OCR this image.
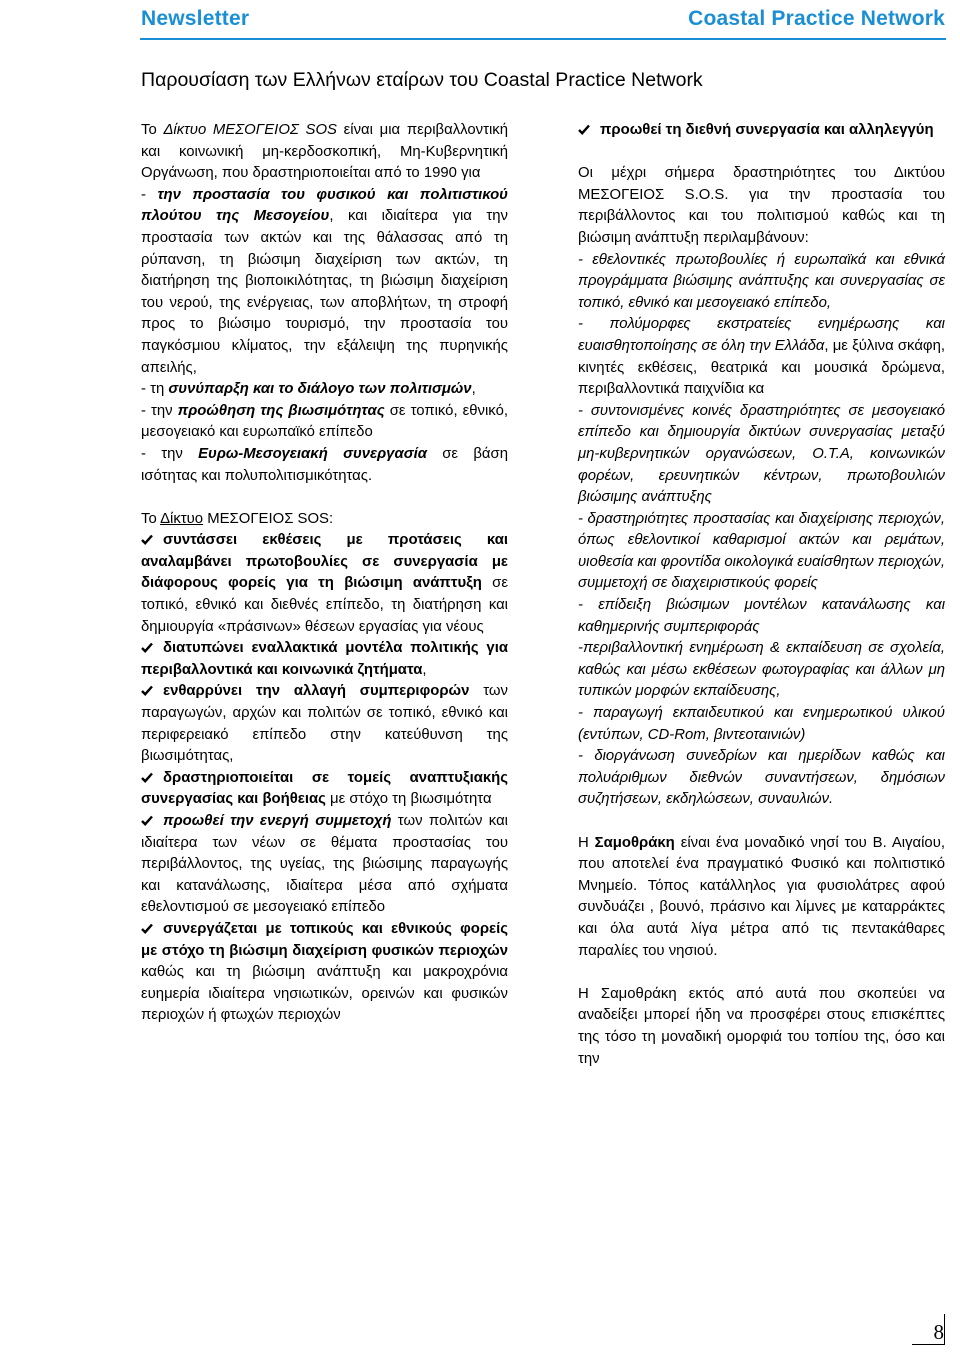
Newsletter	Coastal Practice Network
Παρουσίαση των Ελλήνων εταίρων του Coastal Practice Network

Το Δίκτυο ΜΕΣΟΓΕΙΟΣ SOS είναι μια περιβαλλοντική και κοινωνική μη-κερδοσκοπική, Μη-Κυβερνητική Οργάνωση, που δραστηριοποιείται από το 1990 για

- την προστασία του φυσικού και πολιτιστικού πλούτου της Μεσογείου, και ιδιαίτερα για την προστασία των ακτών και της θάλασσας από τη ρύπανση, τη βιώσιμη διαχείριση των ακτών, τη διατήρηση της βιοποικιλότητας, τη βιώσιμη διαχείριση του νερού, της ενέργειας, των αποβλήτων, τη στροφή προς το βιώσιμο τουρισμό, την προστασία του παγκόσμιου κλίματος, την εξάλειψη της πυρηνικής απειλής,

- τη συνύπαρξη και το διάλογο των πολιτισμών,

- την προώθηση της βιωσιμότητας σε τοπικό, εθνικό, μεσογειακό και ευρωπαϊκό επίπεδο

- την Ευρω-Μεσογειακή συνεργασία σε βάση ισότητας και πολυπολιτισμικότητας.

Το Δίκτυο ΜΕΣΟΓΕΙΟΣ SOS:

συντάσσει εκθέσεις με προτάσεις και αναλαμβάνει πρωτοβουλίες σε συνεργασία με διάφορους φορείς για τη βιώσιμη ανάπτυξη σε τοπικό, εθνικό και διεθνές επίπεδο, τη διατήρηση και δημιουργία «πράσινων» θέσεων εργασίας για νέους

διατυπώνει εναλλακτικά μοντέλα πολιτικής για περιβαλλοντικά και κοινωνικά ζητήματα,

ενθαρρύνει την αλλαγή συμπεριφορών των παραγωγών, αρχών και πολιτών σε τοπικό, εθνικό και περιφερειακό επίπεδο στην κατεύθυνση της βιωσιμότητας,

δραστηριοποιείται σε τομείς αναπτυξιακής συνεργασίας και βοήθειας με στόχο τη βιωσιμότητα

προωθεί την ενεργή συμμετοχή των πολιτών και ιδιαίτερα των νέων σε θέματα προστασίας του περιβάλλοντος, της υγείας, της βιώσιμης παραγωγής και κατανάλωσης, ιδιαίτερα μέσα από σχήματα εθελοντισμού σε μεσογειακό επίπεδο

συνεργάζεται με τοπικούς και εθνικούς φορείς με στόχο τη βιώσιμη διαχείριση φυσικών περιοχών καθώς και τη βιώσιμη ανάπτυξη και μακροχρόνια ευημερία ιδιαίτερα νησιωτικών, ορεινών και φυσικών περιοχών ή φτωχών περιοχών

προωθεί τη διεθνή συνεργασία και αλληλεγγύη

Οι μέχρι σήμερα δραστηριότητες του Δικτύου ΜΕΣΟΓΕΙΟΣ S.O.S. για την προστασία του περιβάλλοντος και του πολιτισμού καθώς και τη βιώσιμη ανάπτυξη περιλαμβάνουν:

- εθελοντικές πρωτοβουλίες ή ευρωπαϊκά και εθνικά προγράμματα βιώσιμης ανάπτυξης και συνεργασίας σε τοπικό, εθνικό και μεσογειακό επίπεδο,

- πολύμορφες εκστρατείες ενημέρωσης και ευαισθητοποίησης σε όλη την Ελλάδα, με ξύλινα σκάφη, κινητές εκθέσεις, θεατρικά και μουσικά δρώμενα, περιβαλλοντικά παιχνίδια κα

- συντονισμένες κοινές δραστηριότητες σε μεσογειακό επίπεδο και δημιουργία δικτύων συνεργασίας μεταξύ μη-κυβερνητικών οργανώσεων, Ο.Τ.Α, κοινωνικών φορέων, ερευνητικών κέντρων, πρωτοβουλιών βιώσιμης ανάπτυξης

- δραστηριότητες προστασίας και διαχείρισης περιοχών, όπως εθελοντικοί καθαρισμοί ακτών και ρεμάτων, υιοθεσία και φροντίδα οικολογικά ευαίσθητων περιοχών, συμμετοχή σε διαχειριστικούς φορείς

- επίδειξη βιώσιμων μοντέλων κατανάλωσης και καθημερινής συμπεριφοράς

-περιβαλλοντική ενημέρωση & εκπαίδευση σε σχολεία, καθώς και μέσω εκθέσεων φωτογραφίας και άλλων μη τυπικών μορφών εκπαίδευσης,

- παραγωγή εκπαιδευτικού και ενημερωτικού υλικού (εντύπων, CD-Rom, βιντεοταινιών)

- διοργάνωση συνεδρίων και ημερίδων καθώς και πολυάριθμων διεθνών συναντήσεων, δημόσιων συζητήσεων, εκδηλώσεων, συναυλιών.

Η Σαμοθράκη είναι ένα μοναδικό νησί του Β. Αιγαίου, που αποτελεί ένα πραγματικό Φυσικό και πολιτιστικό Μνημείο. Τόπος κατάλληλος για φυσιολάτρες αφού συνδυάζει , βουνό, πράσινο και λίμνες με καταρράκτες και όλα αυτά λίγα μέτρα από τις πεντακάθαρες παραλίες του νησιού.

Η Σαμοθράκη εκτός από αυτά που σκοπεύει να αναδείξει μπορεί ήδη να προσφέρει στους επισκέπτες της τόσο τη μοναδική ομορφιά του τοπίου της, όσο και την

8
